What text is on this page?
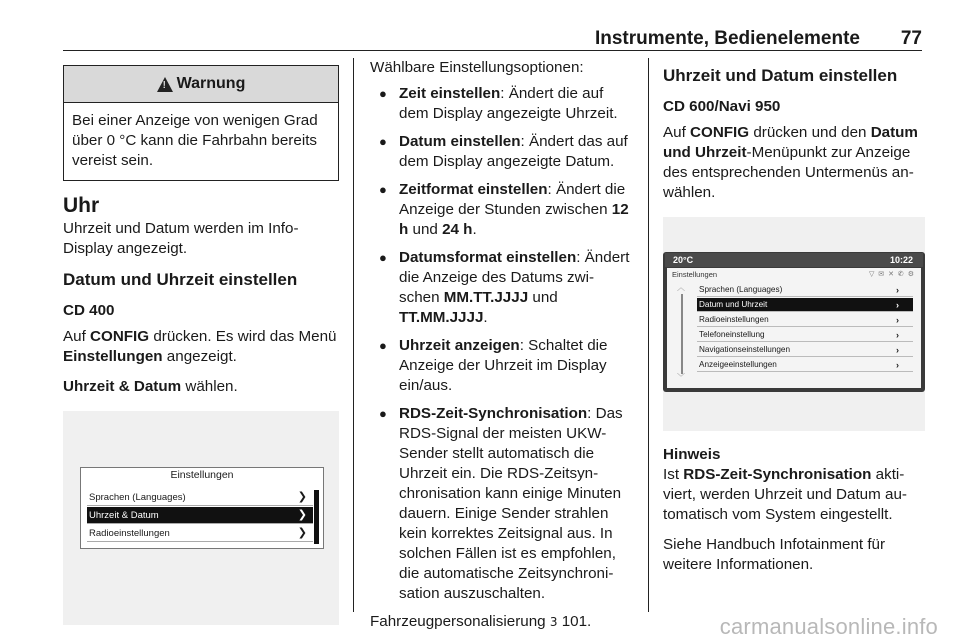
Instrumente, Bedienelemente 77
!
Warnung

Bei einer Anzeige von wenigen Grad über 0 °C kann die Fahrbahn bereits vereist sein.

Uhr

Uhrzeit und Datum werden im Info-Display angezeigt.

Datum und Uhrzeit einstellen
CD 400

Auf CONFIG drücken. Es wird das Menü Einstellungen angezeigt.

Uhrzeit & Datum wählen.

Einstellungen
Sprachen (Languages)	❯
Uhrzeit & Datum	❯
Radioeinstellungen	❯

Wählbare Einstellungsoptionen:

● Zeit einstellen: Ändert die auf dem Display angezeigte Uhrzeit.
● Datum einstellen: Ändert das auf dem Display angezeigte Datum.
● Zeitformat einstellen: Ändert die Anzeige der Stunden zwischen 12 h und 24 h.
● Datumsformat einstellen: Ändert die Anzeige des Datums zwi-schen MM.TT.JJJJ und TT.MM.JJJJ.
● Uhrzeit anzeigen: Schaltet die Anzeige der Uhrzeit im Display ein/aus.
● RDS-Zeit-Synchronisation: Das RDS-Signal der meisten UKW-Sender stellt automatisch die Uhrzeit ein. Die RDS-Zeitsyn-chronisation kann einige Minuten dauern. Einige Sender strahlen kein korrektes Zeitsignal aus. In solchen Fällen ist es empfohlen, die automatische Zeitsynchroni-sation auszuschalten.

Fahrzeugpersonalisierung 3 101.

Uhrzeit und Datum einstellen
CD 600/Navi 950

Auf CONFIG drücken und den Datum und Uhrzeit-Menüpunkt zur Anzeige des entsprechenden Untermenüs an-wählen.

20°C	10:22
Einstellungen	▽ ✉ ✕ ✆ ⚙
︿
﹀
Sprachen (Languages)	›
Datum und Uhrzeit	›
Radioeinstellungen	›
Telefoneinstellung	›
Navigationseinstellungen	›
Anzeigeeinstellungen	›
Hinweis

Ist RDS-Zeit-Synchronisation akti-viert, werden Uhrzeit und Datum au-tomatisch vom System eingestellt.

Siehe Handbuch Infotainment für weitere Informationen.

carmanualsonline.info
